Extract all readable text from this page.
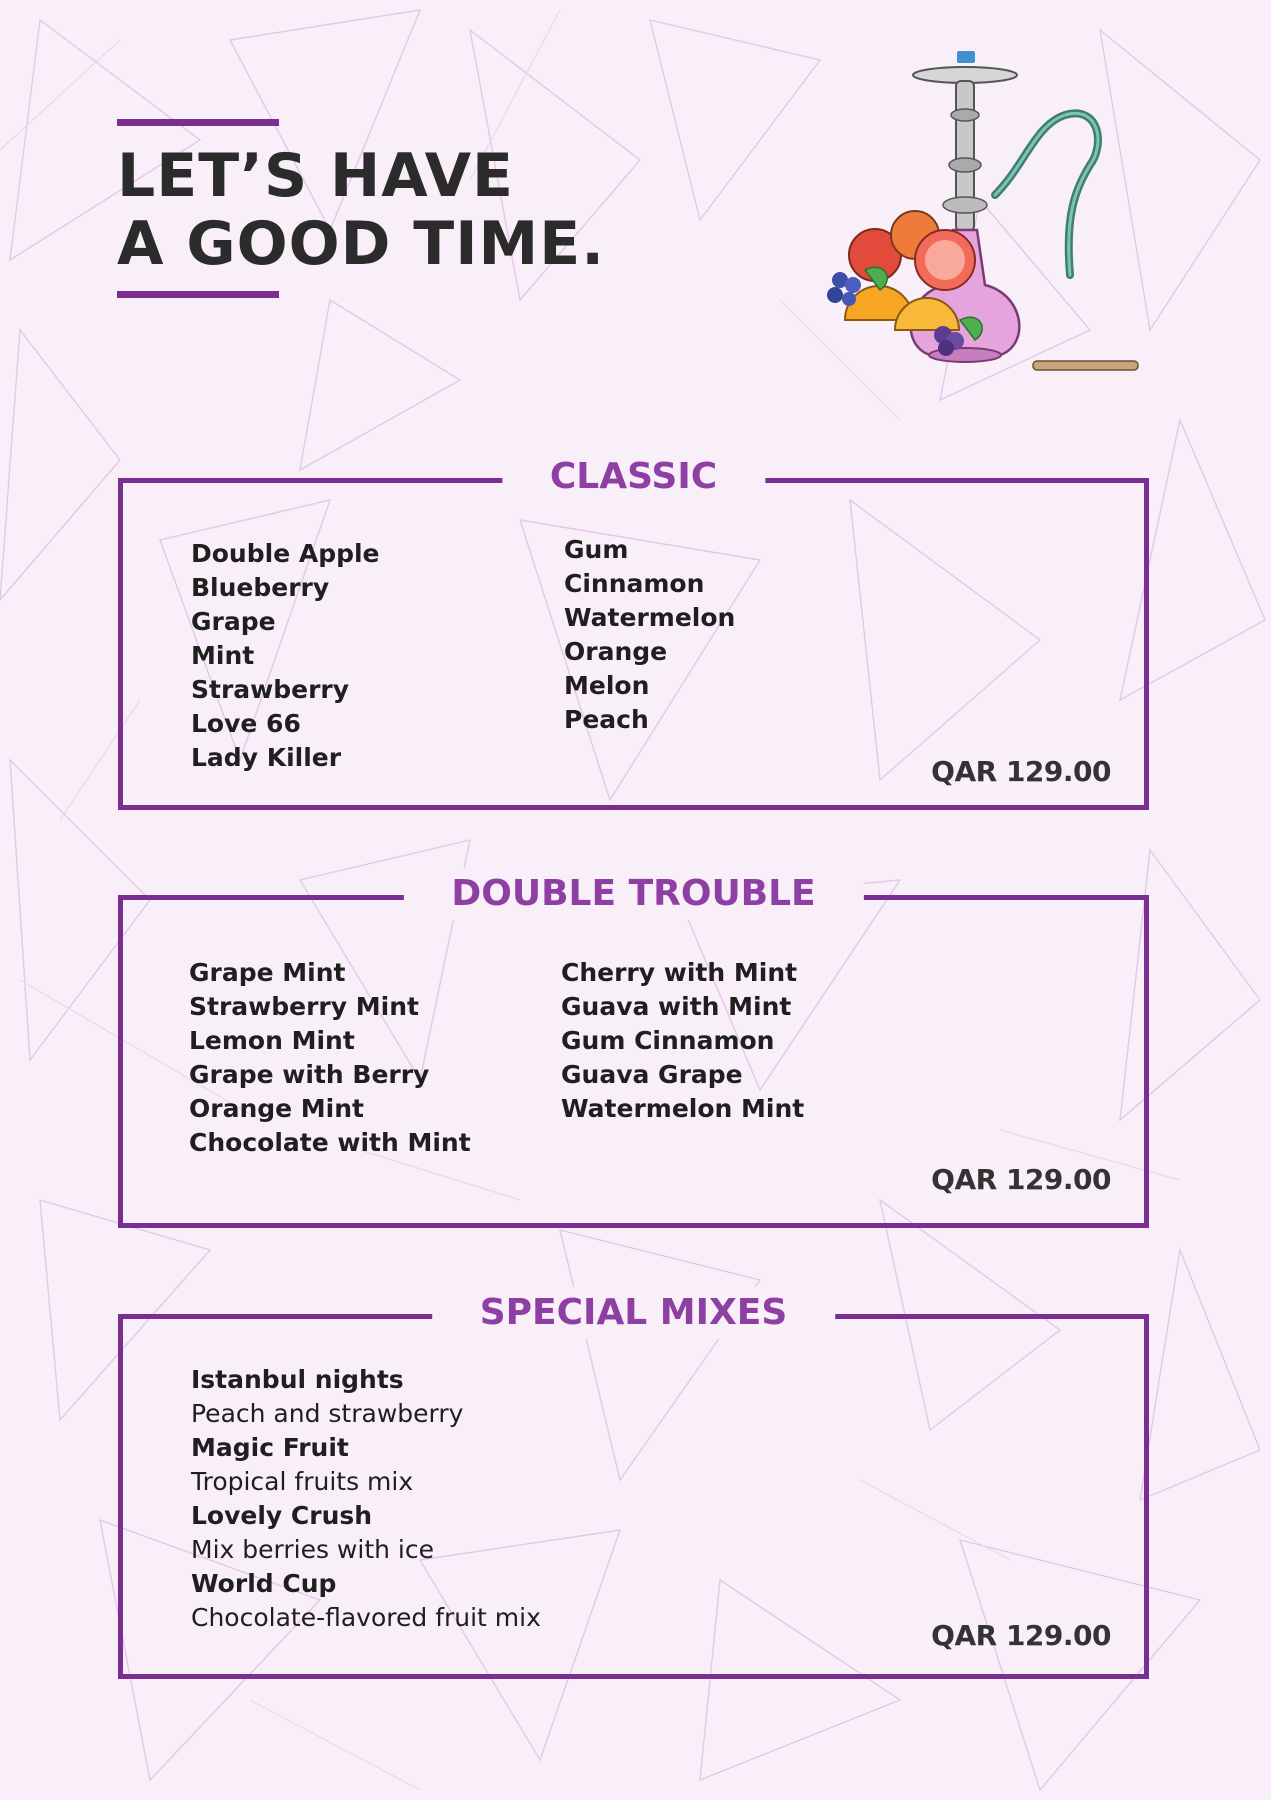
LET’S HAVE
A GOOD TIME.
CLASSIC
Double Apple
Blueberry
Grape
Mint
Strawberry
Love 66
Lady Killer
Gum
Cinnamon
Watermelon
Orange
Melon
Peach
QAR 129.00
DOUBLE TROUBLE
Grape Mint
Strawberry Mint
Lemon Mint
Grape with Berry
Orange Mint
Chocolate with Mint
Cherry with Mint
Guava with Mint
Gum Cinnamon
Guava Grape
Watermelon Mint
QAR 129.00
SPECIAL MIXES
Istanbul nights
Peach and strawberry
Magic Fruit
Tropical fruits mix
Lovely Crush
Mix berries with ice
World Cup
Chocolate-flavored fruit mix
QAR 129.00
